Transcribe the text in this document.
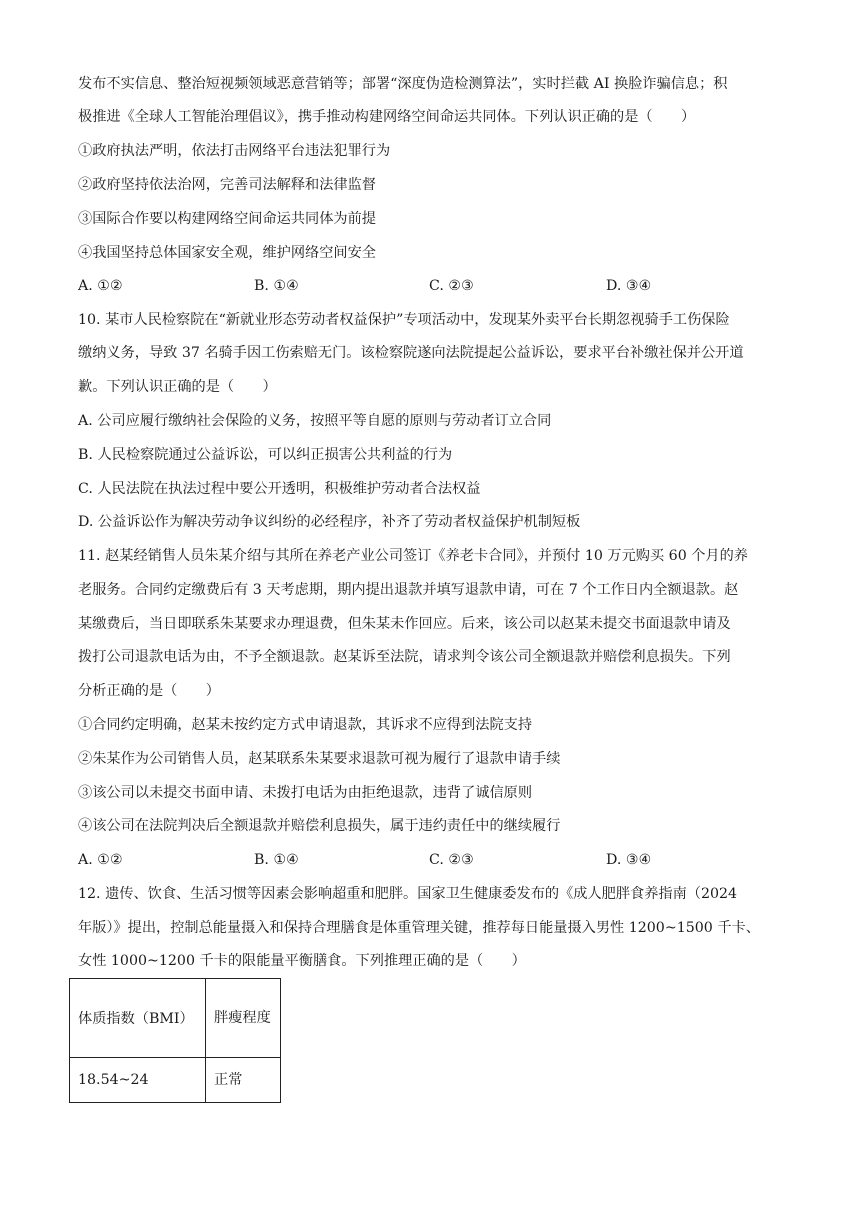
发布不实信息、整治短视频领域恶意营销等；部署“深度伪造检测算法”，实时拦截 AI 换脸诈骗信息；积
极推进《全球人工智能治理倡议》，携手推动构建网络空间命运共同体。下列认识正确的是（　　）
①政府执法严明，依法打击网络平台违法犯罪行为
②政府坚持依法治网，完善司法解释和法律监督
③国际合作要以构建网络空间命运共同体为前提
④我国坚持总体国家安全观，维护网络空间安全
A. ①②	B. ①④	C. ②③	D. ③④
10. 某市人民检察院在“新就业形态劳动者权益保护”专项活动中，发现某外卖平台长期忽视骑手工伤保险
缴纳义务，导致 37 名骑手因工伤索赔无门。该检察院遂向法院提起公益诉讼，要求平台补缴社保并公开道
歉。下列认识正确的是（　　）
A. 公司应履行缴纳社会保险的义务，按照平等自愿的原则与劳动者订立合同
B. 人民检察院通过公益诉讼，可以纠正损害公共利益的行为
C. 人民法院在执法过程中要公开透明，积极维护劳动者合法权益
D. 公益诉讼作为解决劳动争议纠纷的必经程序，补齐了劳动者权益保护机制短板
11. 赵某经销售人员朱某介绍与其所在养老产业公司签订《养老卡合同》，并预付 10 万元购买 60 个月的养
老服务。合同约定缴费后有 3 天考虑期，期内提出退款并填写退款申请，可在 7 个工作日内全额退款。赵
某缴费后，当日即联系朱某要求办理退费，但朱某未作回应。后来，该公司以赵某未提交书面退款申请及
拨打公司退款电话为由，不予全额退款。赵某诉至法院，请求判令该公司全额退款并赔偿利息损失。下列
分析正确的是（　　）
①合同约定明确，赵某未按约定方式申请退款，其诉求不应得到法院支持
②朱某作为公司销售人员，赵某联系朱某要求退款可视为履行了退款申请手续
③该公司以未提交书面申请、未拨打电话为由拒绝退款，违背了诚信原则
④该公司在法院判决后全额退款并赔偿利息损失，属于违约责任中的继续履行
A. ①②	B. ①④	C. ②③	D. ③④
12. 遗传、饮食、生活习惯等因素会影响超重和肥胖。国家卫生健康委发布的《成人肥胖食养指南（2024
年版）》提出，控制总能量摄入和保持合理膳食是体重管理关键，推荐每日能量摄入男性 1200~1500 千卡、
女性 1000~1200 千卡的限能量平衡膳食。下列推理正确的是（　　）
体质指数（BMI）	胖瘦程度
18.54~24	正常
